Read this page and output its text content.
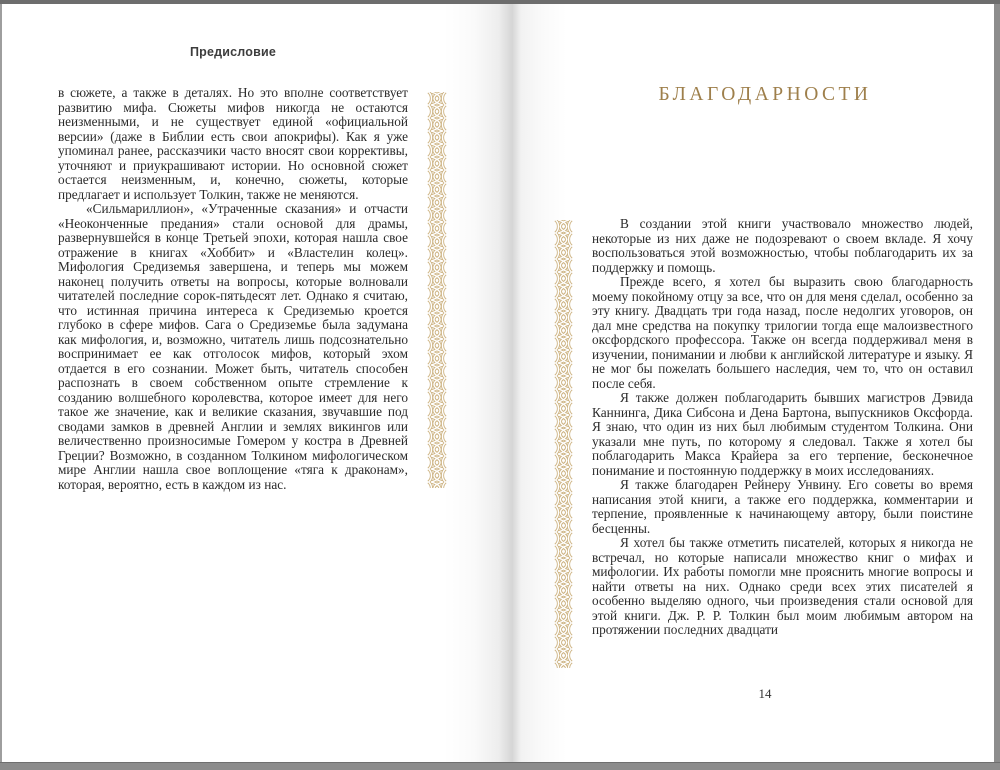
Предисловие

в сюжете, а также в деталях. Но это вполне соответствует развитию мифа. Сюжеты мифов никогда не остаются неизменными, и не существует единой «официальной версии» (даже в Библии есть свои апокрифы). Как я уже упоминал ранее, рассказчики часто вносят свои коррективы, уточняют и приукрашивают истории. Но основной сюжет остается неизменным, и, конечно, сюжеты, которые предлагает и использует Толкин, также не меняются.

«Сильмариллион», «Утраченные сказания» и отчасти «Неоконченные предания» стали основой для драмы, развернувшейся в конце Третьей эпохи, которая нашла свое отражение в книгах «Хоббит» и «Властелин колец». Мифология Средиземья завершена, и теперь мы можем наконец получить ответы на вопросы, которые волновали читателей последние сорок-пятьдесят лет. Однако я считаю, что истинная причина интереса к Средиземью кроется глубоко в сфере мифов. Сага о Средиземье была задумана как мифология, и, возможно, читатель лишь подсознательно воспринимает ее как отголосок мифов, который эхом отдается в его сознании. Может быть, читатель способен распознать в своем собственном опыте стремление к созданию волшебного королевства, которое имеет для него такое же значение, как и великие сказания, звучавшие под сводами замков в древней Англии и землях викингов или величественно произносимые Гомером у костра в Древней Греции? Возможно, в созданном Толкином мифологическом мире Англии нашла свое воплощение «тяга к драконам», которая, вероятно, есть в каждом из нас.

БЛАГОДАРНОСТИ

В создании этой книги участвовало множество людей, некоторые из них даже не подозревают о своем вкладе. Я хочу воспользоваться этой возможностью, чтобы поблагодарить их за поддержку и помощь.

Прежде всего, я хотел бы выразить свою благодарность моему покойному отцу за все, что он для меня сделал, особенно за эту книгу. Двадцать три года назад, после недолгих уговоров, он дал мне средства на покупку трилогии тогда еще малоизвестного оксфордского профессора. Также он всегда поддерживал меня в изучении, понимании и любви к английской литературе и языку. Я не мог бы пожелать большего наследия, чем то, что он оставил после себя.

Я также должен поблагодарить бывших магистров Дэвида Каннинга, Дика Сибсона и Дена Бартона, выпускников Оксфорда. Я знаю, что один из них был любимым студентом Толкина. Они указали мне путь, по которому я следовал. Также я хотел бы поблагодарить Макса Крайера за его терпение, бесконечное понимание и постоянную поддержку в моих исследованиях.

Я также благодарен Рейнеру Унвину. Его советы во время написания этой книги, а также его поддержка, комментарии и терпение, проявленные к начинающему автору, были поистине бесценны.

Я хотел бы также отметить писателей, которых я никогда не встречал, но которые написали множество книг о мифах и мифологии. Их работы помогли мне прояснить многие вопросы и найти ответы на них. Однако среди всех этих писателей я особенно выделяю одного, чьи произведения стали основой для этой книги. Дж. Р. Р. Толкин был моим любимым автором на протяжении последних двадцати

14
